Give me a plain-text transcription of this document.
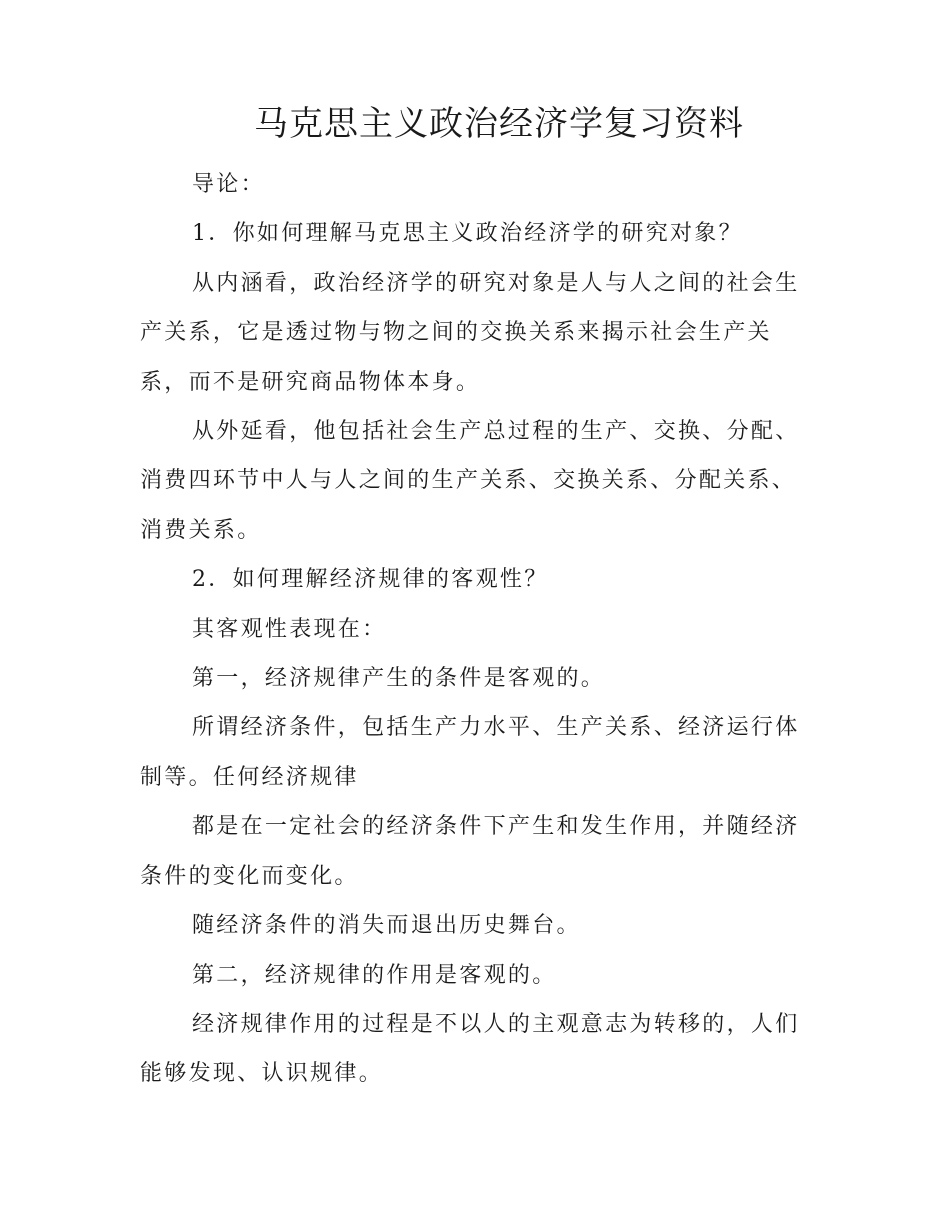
马克思主义政治经济学复习资料

导论：

1．你如何理解马克思主义政治经济学的研究对象？

从内涵看，政治经济学的研究对象是人与人之间的社会生产关系，它是透过物与物之间的交换关系来揭示社会生产关系，而不是研究商品物体本身。

从外延看，他包括社会生产总过程的生产、交换、分配、消费四环节中人与人之间的生产关系、交换关系、分配关系、消费关系。

2．如何理解经济规律的客观性？

其客观性表现在：

第一，经济规律产生的条件是客观的。

所谓经济条件，包括生产力水平、生产关系、经济运行体制等。任何经济规律

都是在一定社会的经济条件下产生和发生作用，并随经济条件的变化而变化。

随经济条件的消失而退出历史舞台。

第二，经济规律的作用是客观的。

经济规律作用的过程是不以人的主观意志为转移的，人们能够发现、认识规律。
